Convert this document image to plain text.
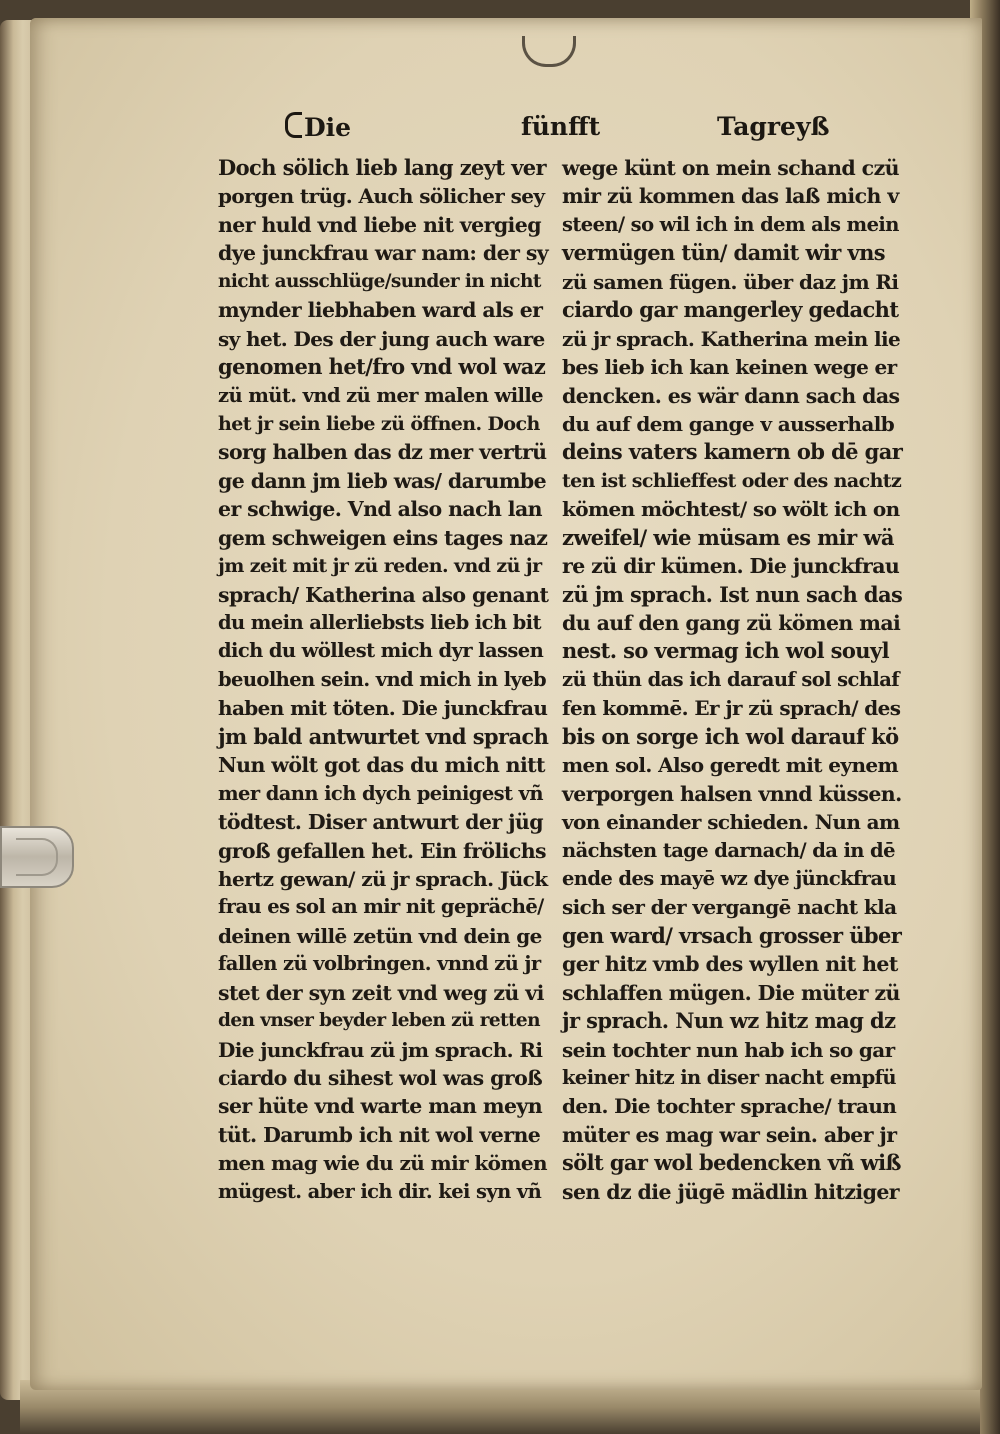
Die	fünfft	Tagreyß
Doch sölich lieb lang zeyt ver
porgen trüg. Auch sölicher sey
ner huld vnd liebe nit vergieg
dye junckfrau war nam: der sy
nicht ausschlüge/sunder in nicht
mynder liebhaben ward als er
sy het. Des der jung auch ware
genomen het/fro vnd wol waz
zü müt. vnd zü mer malen wille
het jr sein liebe zü öffnen. Doch
sorg halben das dz mer vertrü
ge dann jm lieb was/ darumbe
er schwige. Vnd also nach lan
gem schweigen eins tages naz
jm zeit mit jr zü reden. vnd zü jr
sprach/ Katherina also genant
du mein allerliebsts lieb ich bit
dich du wöllest mich dyr lassen
beuolhen sein. vnd mich in lyeb
haben mit töten. Die junckfrau
jm bald antwurtet vnd sprach
Nun wölt got das du mich nitt
mer dann ich dych peinigest vñ
tödtest. Diser antwurt der jüg
groß gefallen het. Ein frölichs
hertz gewan/ zü jr sprach. Jück
frau es sol an mir nit geprächē/
deinen willē zetün vnd dein ge
fallen zü volbringen. vnnd zü jr
stet der syn zeit vnd weg zü vi
den vnser beyder leben zü retten
Die junckfrau zü jm sprach. Ri
ciardo du sihest wol was groß
ser hüte vnd warte man meyn
tüt. Darumb ich nit wol verne
men mag wie du zü mir kömen
mügest. aber ich dir. kei syn vñ
wege künt on mein schand czü
mir zü kommen das laß mich v
steen/ so wil ich in dem als mein
vermügen tün/ damit wir vns
zü samen fügen. über daz jm Ri
ciardo gar mangerley gedacht
zü jr sprach. Katherina mein lie
bes lieb ich kan keinen wege er
dencken. es wär dann sach das
du auf dem gange v ausserhalb
deins vaters kamern ob dē gar
ten ist schlieffest oder des nachtz
kömen möchtest/ so wölt ich on
zweifel/ wie müsam es mir wä
re zü dir kümen. Die junckfrau
zü jm sprach. Ist nun sach das
du auf den gang zü kömen mai
nest. so vermag ich wol souyl
zü thün das ich darauf sol schlaf
fen kommē. Er jr zü sprach/ des
bis on sorge ich wol darauf kö
men sol. Also geredt mit eynem
verporgen halsen vnnd küssen.
von einander schieden. Nun am
nächsten tage darnach/ da in dē
ende des mayē wz dye jünckfrau
sich ser der vergangē nacht kla
gen ward/ vrsach grosser über
ger hitz vmb des wyllen nit het
schlaffen mügen. Die müter zü
jr sprach. Nun wz hitz mag dz
sein tochter nun hab ich so gar
keiner hitz in diser nacht empfü
den. Die tochter sprache/ traun
müter es mag war sein. aber jr
sölt gar wol bedencken vñ wiß
sen dz die jügē mädlin hitziger
